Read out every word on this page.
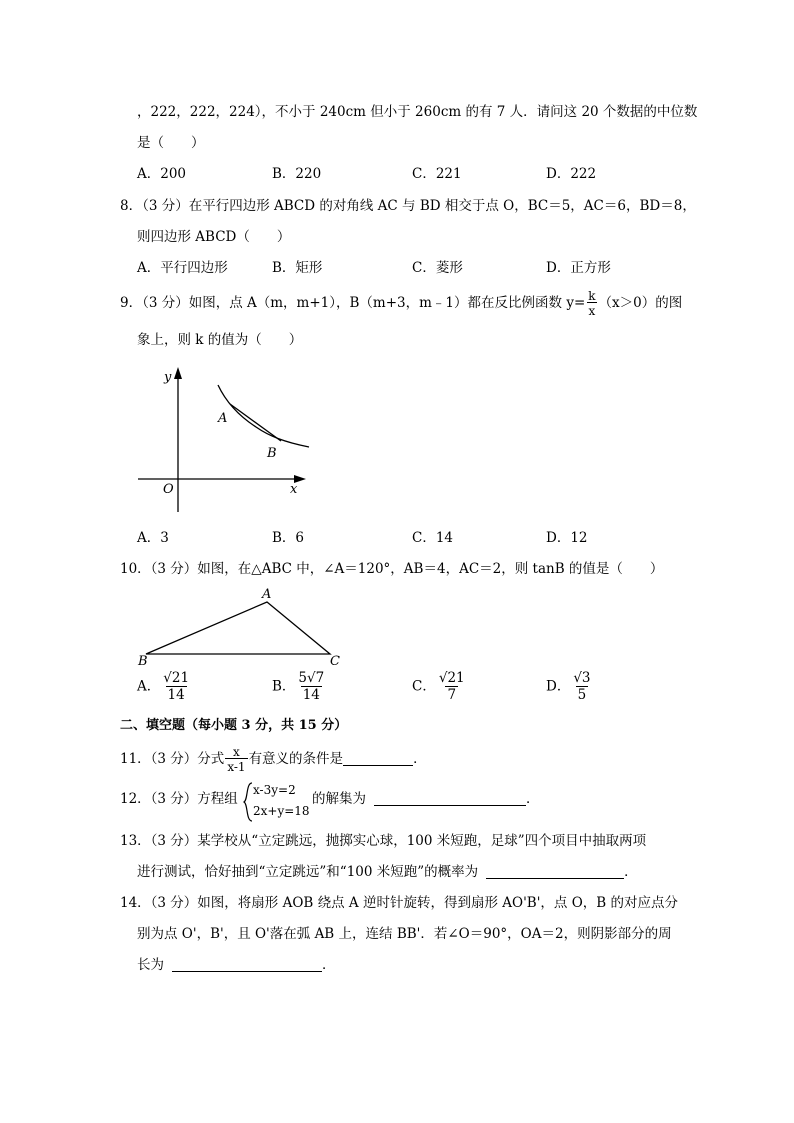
，222，222，224），不小于 240cm 但小于 260cm 的有 7 人．请问这 20 个数据的中位数
是（　　）
A．200	B．220	C．221	D．222
8．（3 分）在平行四边形 ABCD 的对角线 AC 与 BD 相交于点 O，BC＝5，AC＝6，BD＝8，
则四边形 ABCD（　　）
A．平行四边形	B．矩形	C．菱形	D．正方形
9．（3 分）如图，点 A（m，m+1），B（m+3，m﹣1）都在反比例函数 $y= \frac{k}{x} (x>0)$的图
象上，则 k 的值为（　　）
y
x
O
A
B
A．3	B．6	C．14	D．12
10．（3 分）如图，在△ABC 中，∠A＝120°，AB＝4，AC＝2，则 tanB 的值是（　　）
A
B	C
A． $\frac{√21}{14}$	B． $\frac{5√7}{14}$	C． $\frac{√21}{7}$	D． $\frac{√3}{5}$
二、填空题（每小题 3 分，共 15 分）
11．（3 分）分式 $\frac{x}{x-1}$ 有意义的条件是	．
12．（3 分）方程组
x-3y=2
2x+y=18
的解集为	．
13．（3 分）某学校从“立定跳远，抛掷实心球，100 米短跑，足球”四个项目中抽取两项
进行测试，恰好抽到“立定跳远”和“100 米短跑”的概率为	．
14．（3 分）如图，将扇形 AOB 绕点 A 逆时针旋转，得到扇形 AO'B'，点 O，B 的对应点分
别为点 O'，B'，且 O'落在弧 AB 上，连结 BB'．若∠O＝90°，OA＝2，则阴影部分的周
长为	．
